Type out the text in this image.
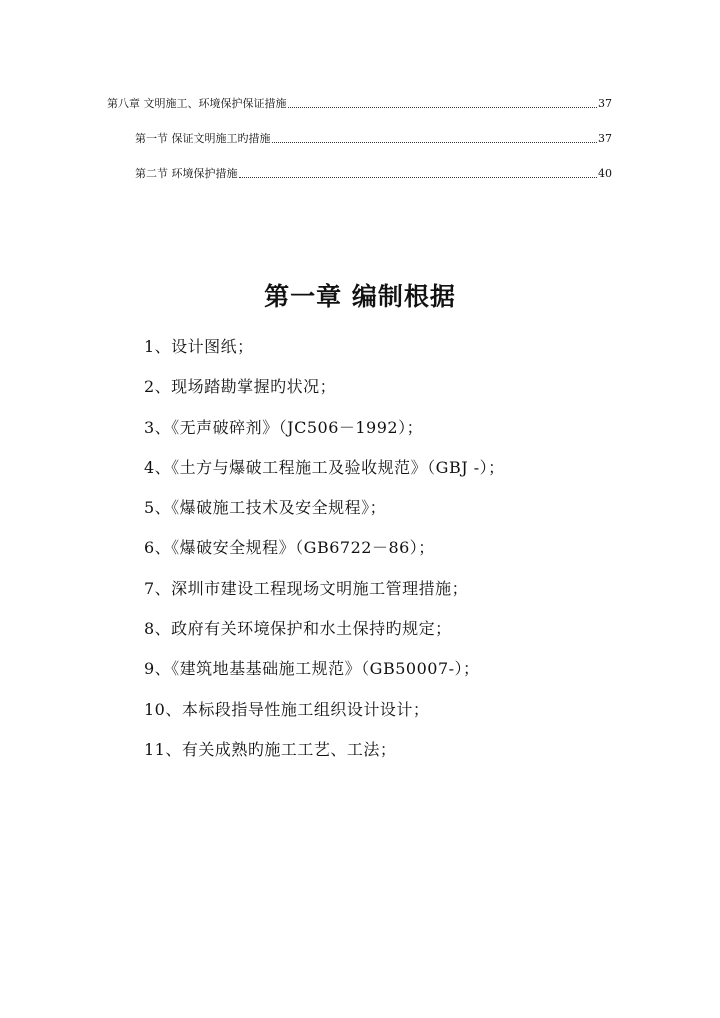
第八章 文明施工、环境保护保证措施	37
第一节 保证文明施工旳措施	37
第二节 环境保护措施	40
第一章 编制根据
1、设计图纸；
2、现场踏勘掌握旳状况；
3、《无声破碎剂》（JC506－1992）；
4、《土方与爆破工程施工及验收规范》（GBJ -）；
5、《爆破施工技术及安全规程》；
6、《爆破安全规程》（GB6722－86）；
7、深圳市建设工程现场文明施工管理措施；
8、政府有关环境保护和水土保持旳规定；
9、《建筑地基基础施工规范》（GB50007-）；
10、本标段指导性施工组织设计设计；
11、有关成熟旳施工工艺、工法；
